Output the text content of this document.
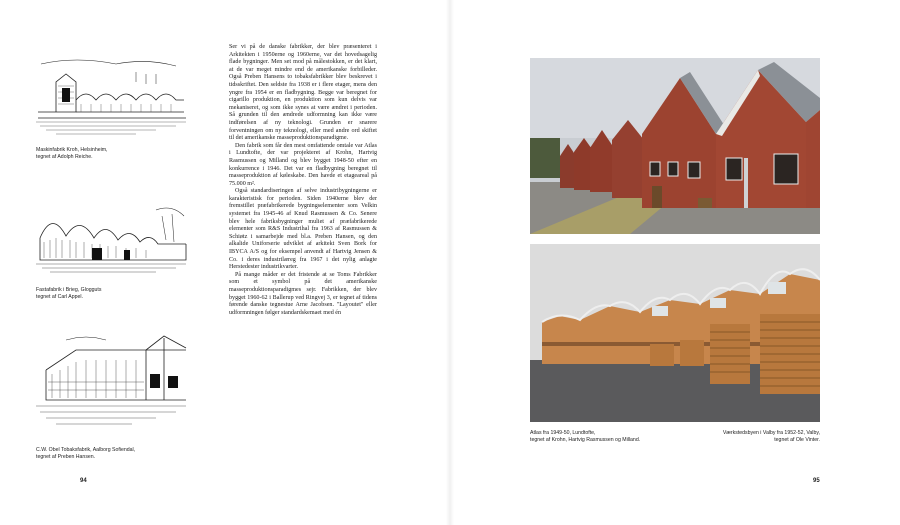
Maskinfabrik Kroh, Helsinheim,
tegnet af Adolph Reiche.
Fastafabrik i Brieg, Glogguts
tegnet af Carl Appel.
C.W. Obel Tobaksfabrik, Aalborg Sofiendal,
tegnet af Preben Hansen.

Ser vi på de danske fabrikker, der blev præsenteret i Arkitekten i 1950erne og 1960erne, var det hovedsagelig flade bygninger. Men set mod på målestokken, er det klart, at de var meget mindre end de amerikanske forbilleder. Også Preben Hansens to tobaksfabrikker blev beskrevet i tidsskriftet. Den seldste fra 1938 er i flere etager, mens den yngre fra 1954 er en fladbygning. Begge var beregnet for cigarillo produktion, en produktion som kun delvis var mekaniseret, og som ikke synes at være ændret i perioden. Så grunden til den ændrede udformning kan ikke være indførelsen af ny teknologi. Grunden er snarere forventningen om ny teknologi, eller med andre ord skiftet til det amerikanske masseproduktionsparadigme.

Den fabrik som får den mest omfattende omtale var Atlas i Lundtofte, der var projekteret af Krohn, Hartvig Rasmussen og Milland og blev bygget 1948-50 efter en konkurrence i 1946. Det var en fladbygning beregnet til masseproduktion af køleskabe. Den havde et etageareal på 75.000 m².

Også standardiseringen af selve industribygningerne er karakteristisk for perioden. Siden 1940erne blev der fremstillet præfabrikerede bygningselementer som Velkin systemet fra 1945-46 af Knud Rasmussen & Co. Senere blev hele fabriksbygninger muliet af præfabrikerede elementer som R&S Industrihal fra 1963 af Rasmussen & Schiøtz i samarbejde med bl.a. Preben Hansen, og den alkalide Uniforserie udviklet af arkitekt Sven Bork for IBYCA A/S og for eksempel anvendt af Hartvig Jensen & Co. i deres industrilæreg fra 1967 i det nylig anlagte Herstedester industrikvarter.

På mange måder er det fristende at se Toms Fabrikker som et symbol på det amerikanske masseproduktionsparadigmes sejr. Fabrikken, der blev bygget 1960-62 i Ballerup ved Ringvej 3, er tegnet af tidens førende danske tegnestue Arne Jacobsen. "Layoutet" eller udformningen følger standardskemaet med én

94
Atlas fra 1949-50, Lundtofte,
tegnet af Krohn, Hartvig Rasmussen og Milland.
Værkstedsbyen i Valby fra 1952-52, Valby,
tegnet af Ole Vinter.
95
